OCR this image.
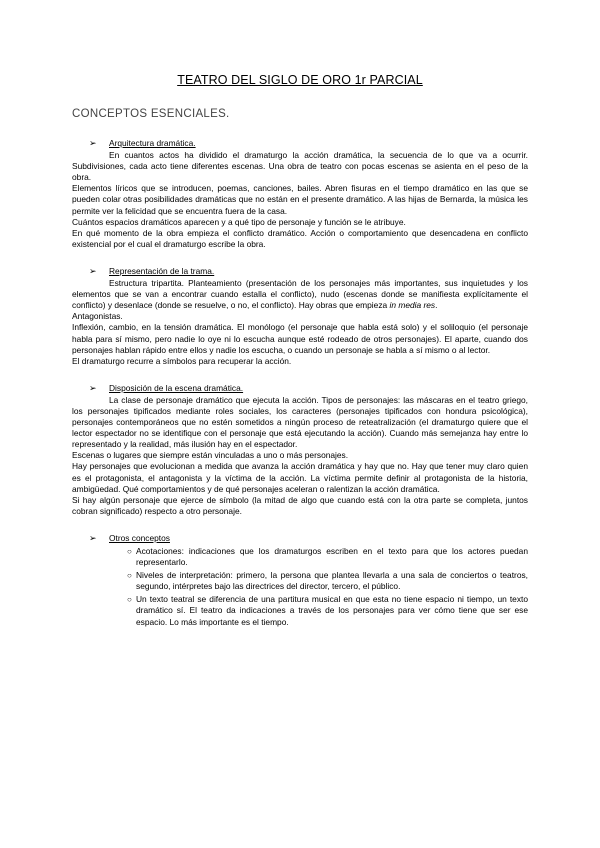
TEATRO DEL SIGLO DE ORO 1r PARCIAL
CONCEPTOS ESENCIALES.
➢ Arquitectura dramática.

En cuantos actos ha dividido el dramaturgo la acción dramática, la secuencia de lo que va a ocurrir. Subdivisiones, cada acto tiene diferentes escenas. Una obra de teatro con pocas escenas se asienta en el peso de la obra.

Elementos líricos que se introducen, poemas, canciones, bailes. Abren fisuras en el tiempo dramático en las que se pueden colar otras posibilidades dramáticas que no están en el presente dramático. A las hijas de Bernarda, la música les permite ver la felicidad que se encuentra fuera de la casa.

Cuántos espacios dramáticos aparecen y a qué tipo de personaje y función se le atribuye.

En qué momento de la obra empieza el conflicto dramático. Acción o comportamiento que desencadena en conflicto existencial por el cual el dramaturgo escribe la obra.

➢ Representación de la trama.

Estructura tripartita. Planteamiento (presentación de los personajes más importantes, sus inquietudes y los elementos que se van a encontrar cuando estalla el conflicto), nudo (escenas donde se manifiesta explícitamente el conflicto) y desenlace (donde se resuelve, o no, el conflicto). Hay obras que empieza in media res.

Antagonistas.

Inflexión, cambio, en la tensión dramática. El monólogo (el personaje que habla está solo) y el soliloquio (el personaje habla para sí mismo, pero nadie lo oye ni lo escucha aunque esté rodeado de otros personajes). El aparte, cuando dos personajes hablan rápido entre ellos y nadie los escucha, o cuando un personaje se habla a sí mismo o al lector.

El dramaturgo recurre a símbolos para recuperar la acción.

➢ Disposición de la escena dramática.

La clase de personaje dramático que ejecuta la acción. Tipos de personajes: las máscaras en el teatro griego, los personajes tipificados mediante roles sociales, los caracteres (personajes tipificados con hondura psicológica), personajes contemporáneos que no estén sometidos a ningún proceso de reteatralización (el dramaturgo quiere que el lector espectador no se identifique con el personaje que está ejecutando la acción). Cuando más semejanza hay entre lo representado y la realidad, más ilusión hay en el espectador.

Escenas o lugares que siempre están vinculadas a uno o más personajes.

Hay personajes que evolucionan a medida que avanza la acción dramática y hay que no. Hay que tener muy claro quien es el protagonista, el antagonista y la víctima de la acción. La víctima permite definir al protagonista de la historia, ambigüedad. Qué comportamientos y de qué personajes aceleran o ralentizan la acción dramática.

Si hay algún personaje que ejerce de símbolo (la mitad de algo que cuando está con la otra parte se completa, juntos cobran significado) respecto a otro personaje.

➢ Otros conceptos
○ Acotaciones: indicaciones que los dramaturgos escriben en el texto para que los actores puedan representarlo.
○ Niveles de interpretación: primero, la persona que plantea llevarla a una sala de conciertos o teatros, segundo, intérpretes bajo las directrices del director, tercero, el público.
○ Un texto teatral se diferencia de una partitura musical en que esta no tiene espacio ni tiempo, un texto dramático sí. El teatro da indicaciones a través de los personajes para ver cómo tiene que ser ese espacio. Lo más importante es el tiempo.
